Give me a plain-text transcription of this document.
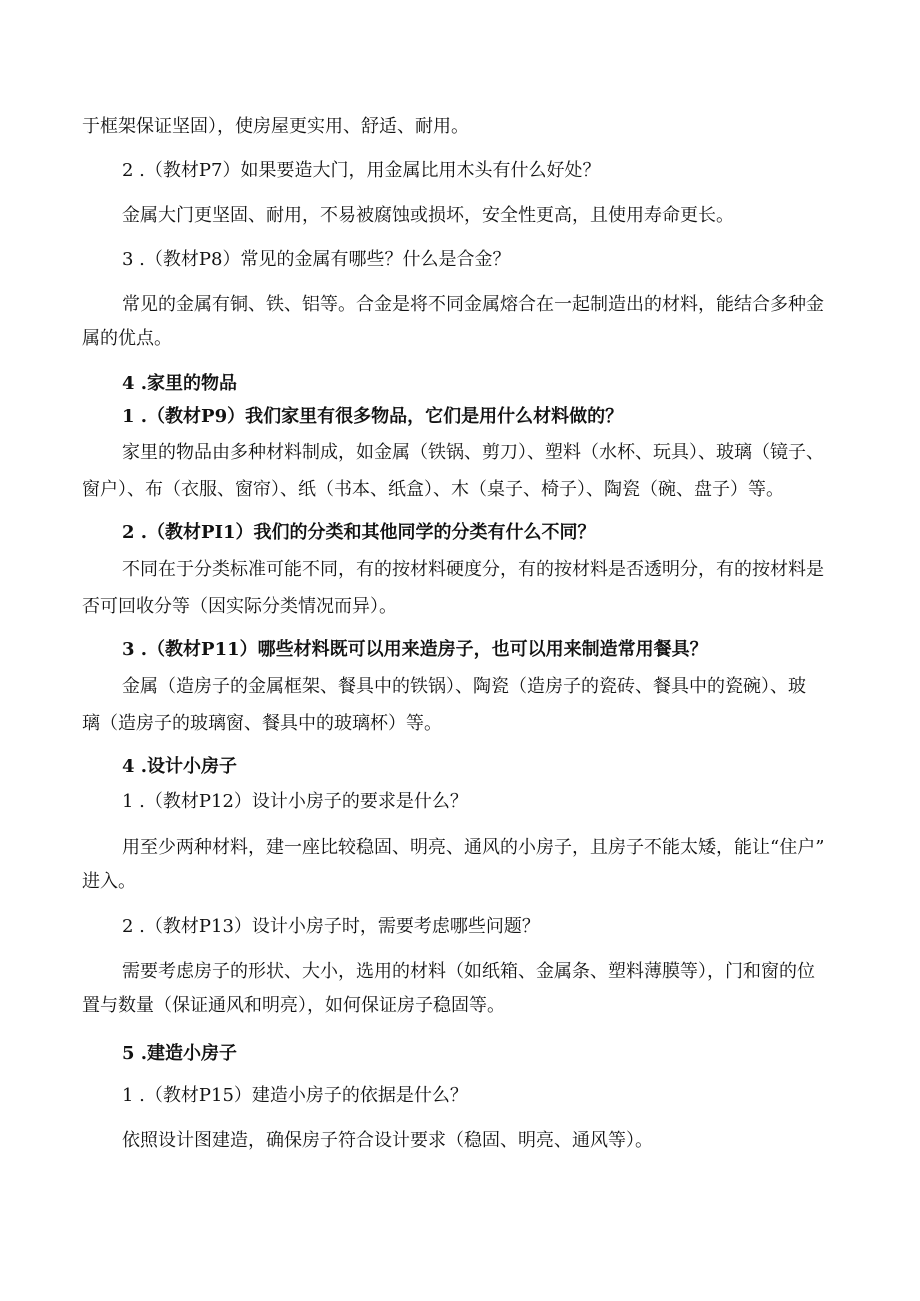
于框架保证坚固），使房屋更实用、舒适、耐用。
2 .（教材P7）如果要造大门，用金属比用木头有什么好处？
金属大门更坚固、耐用，不易被腐蚀或损坏，安全性更高，且使用寿命更长。
3 .（教材P8）常见的金属有哪些？什么是合金？
常见的金属有铜、铁、铝等。合金是将不同金属熔合在一起制造出的材料，能结合多种金
属的优点。
4 .家里的物品
1 .（教材P9）我们家里有很多物品，它们是用什么材料做的？
家里的物品由多种材料制成，如金属（铁锅、剪刀）、塑料（水杯、玩具）、玻璃（镜子、
窗户）、布（衣服、窗帘）、纸（书本、纸盒）、木（桌子、椅子）、陶瓷（碗、盘子）等。
2 .（教材PI1）我们的分类和其他同学的分类有什么不同？
不同在于分类标准可能不同，有的按材料硬度分，有的按材料是否透明分，有的按材料是
否可回收分等（因实际分类情况而异）。
3 .（教材P11）哪些材料既可以用来造房子，也可以用来制造常用餐具？
金属（造房子的金属框架、餐具中的铁锅）、陶瓷（造房子的瓷砖、餐具中的瓷碗）、玻
璃（造房子的玻璃窗、餐具中的玻璃杯）等。
4 .设计小房子
1 .（教材P12）设计小房子的要求是什么？
用至少两种材料，建一座比较稳固、明亮、通风的小房子，且房子不能太矮，能让“住户”
进入。
2 .（教材P13）设计小房子时，需要考虑哪些问题？
需要考虑房子的形状、大小，选用的材料（如纸箱、金属条、塑料薄膜等），门和窗的位
置与数量（保证通风和明亮），如何保证房子稳固等。
5 .建造小房子
1 .（教材P15）建造小房子的依据是什么？
依照设计图建造，确保房子符合设计要求（稳固、明亮、通风等）。
